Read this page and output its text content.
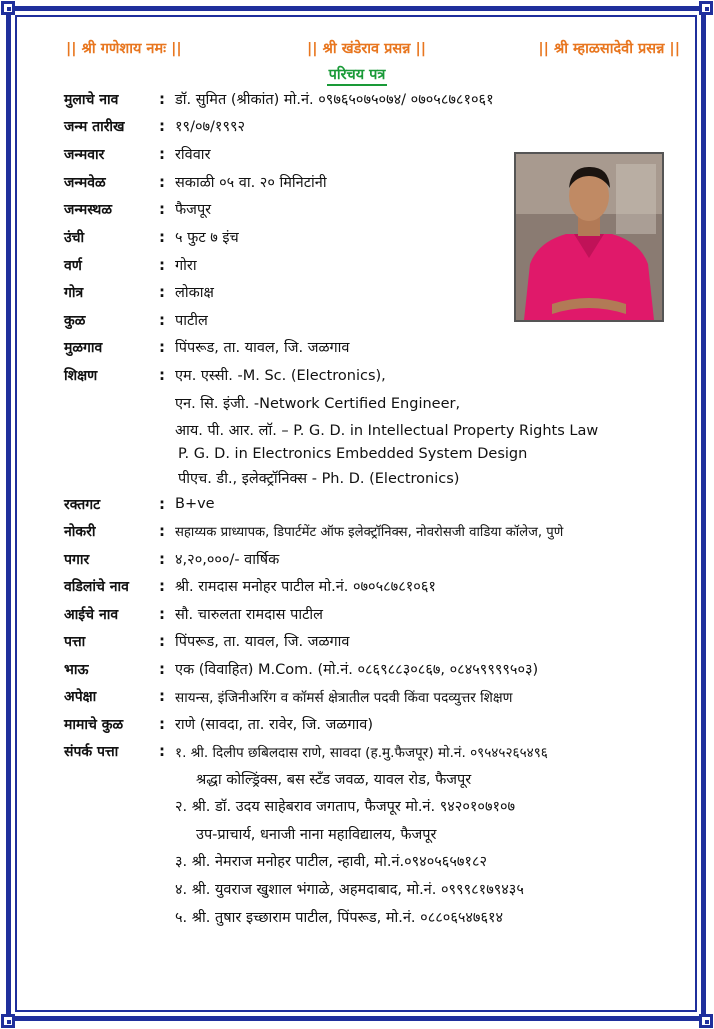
|| श्री गणेशाय नमः ||	|| श्री खंडेराव प्रसन्न ||	|| श्री म्हाळसादेवी प्रसन्न ||
परिचय पत्र
मुलाचे नाव	: डॉ. सुमित (श्रीकांत) मो.नं. ०९७६५०७५०७४/ ०७०५८७८१०६१
जन्म तारीख	: १९/०७/१९९२
जन्मवार	: रविवार
जन्मवेळ	: सकाळी ०५ वा. २० मिनिटांनी
जन्मस्थळ	: फैजपूर
उंची	: ५ फुट ७ इंच
वर्ण	: गोरा
गोत्र	: लोकाक्ष
कुळ	: पाटील
मुळगाव	: पिंपरूड, ता. यावल, जि. जळगाव
शिक्षण	: एम. एस्सी. -M. Sc. (Electronics),
एन. सि. इंजी. -Network Certified Engineer,
आय. पी. आर. लॉ. – P. G. D. in Intellectual Property Rights Law
P. G. D. in Electronics Embedded System Design
पीएच. डी., इलेक्ट्रॉनिक्स - Ph. D. (Electronics)
रक्तगट	: B+ve
नोकरी	: सहाय्यक प्राध्यापक, डिपार्टमेंट ऑफ इलेक्ट्रॉनिक्स, नोवरोसजी वाडिया कॉलेज, पुणे
पगार	: ४,२०,०००/- वार्षिक
वडिलांचे नाव	: श्री. रामदास मनोहर पाटील मो.नं. ०७०५८७८१०६१
आईचे नाव	: सौ. चारुलता रामदास पाटील
पत्ता	: पिंपरूड, ता. यावल, जि. जळगाव
भाऊ	: एक (विवाहित) M.Com. (मो.नं. ०८६९८८३०८६७, ०८४५९९९९५०३)
अपेक्षा	: सायन्स, इंजिनीअरिंग व कॉमर्स क्षेत्रातील पदवी किंवा पदव्युत्तर शिक्षण
मामाचे कुळ	: राणे (सावदा, ता. रावेर, जि. जळगाव)
संपर्क पत्ता	: १. श्री. दिलीप छबिलदास राणे, सावदा (ह.मु.फैजपूर) मो.नं. ०९५४५२६५४९६
श्रद्धा कोल्ड्रिंक्स, बस स्टँड जवळ, यावल रोड, फैजपूर
२. श्री. डॉ. उदय साहेबराव जगताप, फैजपूर मो.नं. ९४२०१०७१०७
उप-प्राचार्य, धनाजी नाना महाविद्यालय, फैजपूर
३. श्री. नेमराज मनोहर पाटील, न्हावी, मो.नं.०९४०५६५७१८२
४. श्री. युवराज खुशाल भंगाळे, अहमदाबाद, मो.नं. ०९९९८१७९४३५
५. श्री. तुषार इच्छाराम पाटील, पिंपरूड, मो.नं. ०८८०६५४७६१४
